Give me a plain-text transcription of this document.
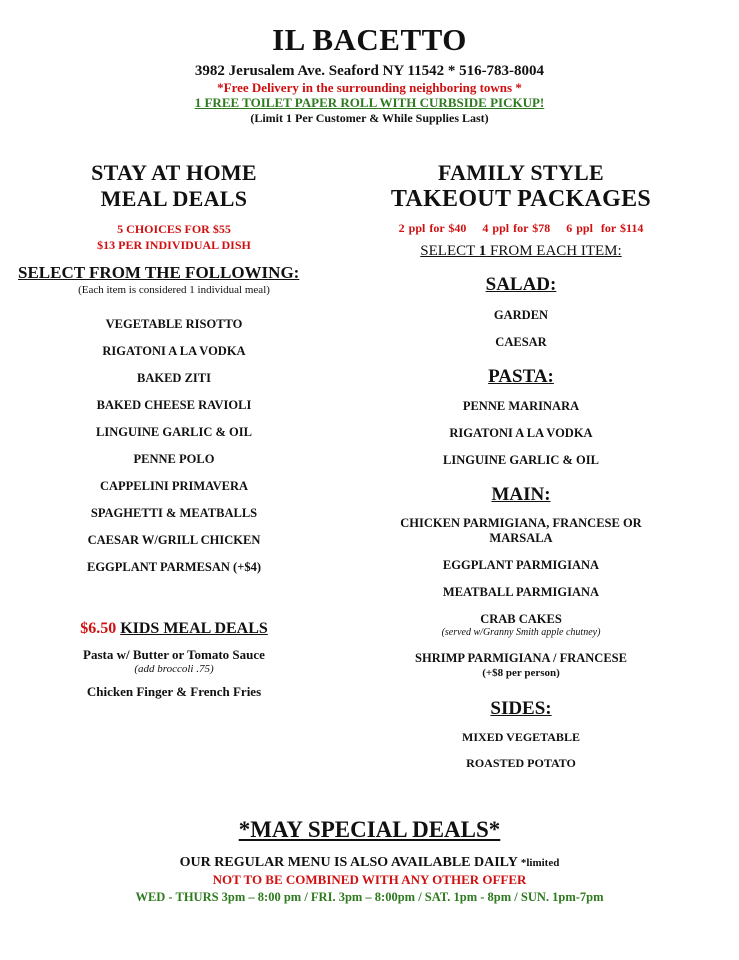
IL BACETTO
3982 Jerusalem Ave. Seaford NY 11542 * 516-783-8004
*Free Delivery in the surrounding neighboring towns *
1 FREE TOILET PAPER ROLL WITH CURBSIDE PICKUP!
(Limit 1 Per Customer & While Supplies Last)
STAY AT HOME
MEAL DEALS
5 CHOICES FOR $55
$13 PER INDIVIDUAL DISH
SELECT FROM THE FOLLOWING:
(Each item is considered 1 individual meal)
VEGETABLE RISOTTO
RIGATONI A LA VODKA
BAKED ZITI
BAKED CHEESE RAVIOLI
LINGUINE GARLIC & OIL
PENNE POLO
CAPPELINI PRIMAVERA
SPAGHETTI & MEATBALLS
CAESAR W/GRILL CHICKEN
EGGPLANT PARMESAN (+$4)
$6.50 KIDS MEAL DEALS
Pasta w/ Butter or Tomato Sauce
(add broccoli .75)
Chicken Finger & French Fries
FAMILY STYLE
TAKEOUT PACKAGES
2 ppl for $40    4 ppl for $78    6 ppl  for $114
SELECT 1 FROM EACH ITEM:
SALAD:
GARDEN
CAESAR
PASTA:
PENNE MARINARA
RIGATONI A LA VODKA
LINGUINE GARLIC & OIL
MAIN:
CHICKEN PARMIGIANA, FRANCESE OR
MARSALA
EGGPLANT PARMIGIANA
MEATBALL PARMIGIANA
CRAB CAKES
(served w/Granny Smith apple chutney)
SHRIMP PARMIGIANA / FRANCESE
(+$8 per person)
SIDES:
MIXED VEGETABLE
ROASTED POTATO
*MAY SPECIAL DEALS*
OUR REGULAR MENU IS ALSO AVAILABLE DAILY *limited
NOT TO BE COMBINED WITH ANY OTHER OFFER
WED - THURS 3pm – 8:00 pm / FRI. 3pm – 8:00pm / SAT. 1pm - 8pm / SUN. 1pm-7pm
